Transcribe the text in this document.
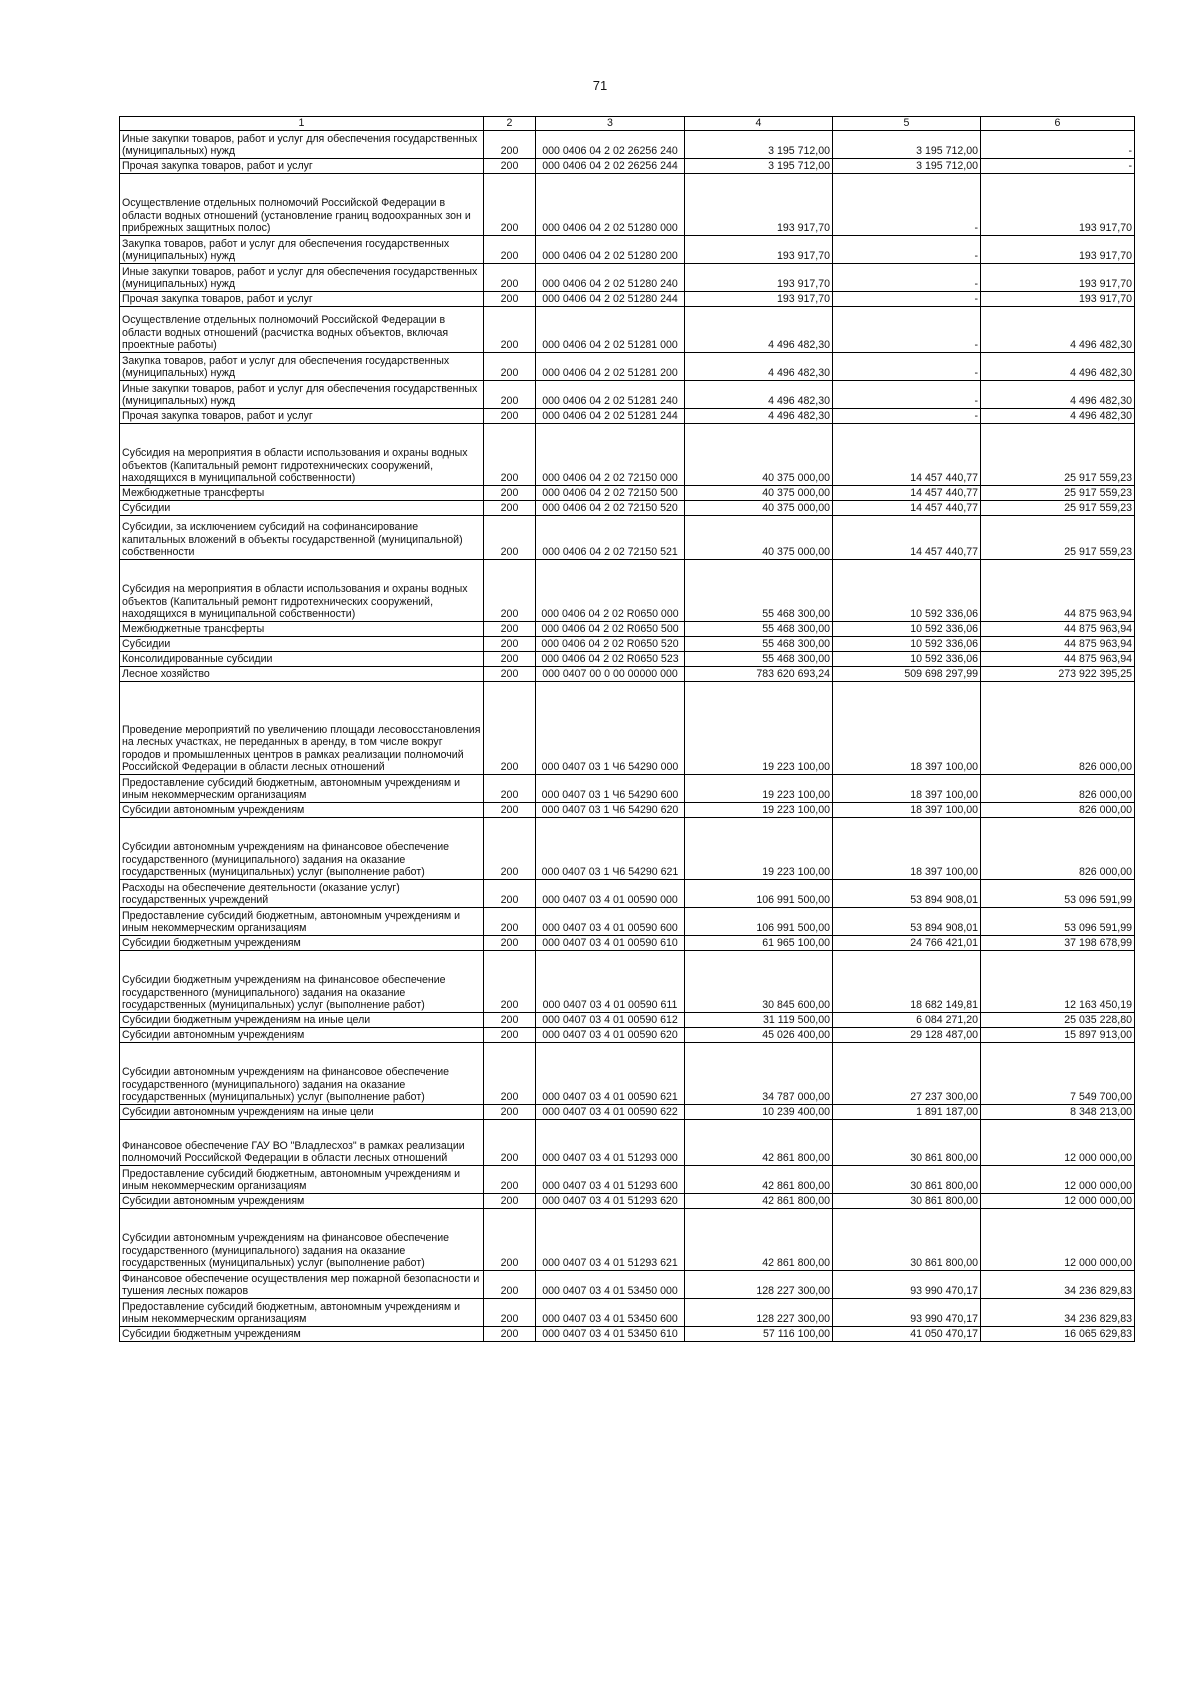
71
1	2	3	4	5	6
Иные закупки товаров, работ и услуг для обеспечения государственных (муниципальных) нужд	200	000 0406 04 2 02 26256 240	3 195 712,00	3 195 712,00	-
Прочая закупка товаров, работ и услуг	200	000 0406 04 2 02 26256 244	3 195 712,00	3 195 712,00	-
Осуществление отдельных полномочий Российской Федерации в области водных отношений (установление границ водоохранных зон и прибрежных защитных полос)	200	000 0406 04 2 02 51280 000	193 917,70	-	193 917,70
Закупка товаров, работ и услуг для обеспечения государственных (муниципальных) нужд	200	000 0406 04 2 02 51280 200	193 917,70	-	193 917,70
Иные закупки товаров, работ и услуг для обеспечения государственных (муниципальных) нужд	200	000 0406 04 2 02 51280 240	193 917,70	-	193 917,70
Прочая закупка товаров, работ и услуг	200	000 0406 04 2 02 51280 244	193 917,70	-	193 917,70
Осуществление отдельных полномочий Российской Федерации в области водных отношений (расчистка водных объектов, включая проектные работы)	200	000 0406 04 2 02 51281 000	4 496 482,30	-	4 496 482,30
Закупка товаров, работ и услуг для обеспечения государственных (муниципальных) нужд	200	000 0406 04 2 02 51281 200	4 496 482,30	-	4 496 482,30
Иные закупки товаров, работ и услуг для обеспечения государственных (муниципальных) нужд	200	000 0406 04 2 02 51281 240	4 496 482,30	-	4 496 482,30
Прочая закупка товаров, работ и услуг	200	000 0406 04 2 02 51281 244	4 496 482,30	-	4 496 482,30
Субсидия на мероприятия в области использования и охраны водных объектов (Капитальный ремонт гидротехнических сооружений, находящихся в муниципальной собственности)	200	000 0406 04 2 02 72150 000	40 375 000,00	14 457 440,77	25 917 559,23
Межбюджетные трансферты	200	000 0406 04 2 02 72150 500	40 375 000,00	14 457 440,77	25 917 559,23
Субсидии	200	000 0406 04 2 02 72150 520	40 375 000,00	14 457 440,77	25 917 559,23
Субсидии, за исключением субсидий на софинансирование капитальных вложений в объекты государственной (муниципальной) собственности	200	000 0406 04 2 02 72150 521	40 375 000,00	14 457 440,77	25 917 559,23
Субсидия на мероприятия в области использования и охраны водных объектов (Капитальный ремонт гидротехнических сооружений, находящихся в муниципальной собственности)	200	000 0406 04 2 02 R0650 000	55 468 300,00	10 592 336,06	44 875 963,94
Межбюджетные трансферты	200	000 0406 04 2 02 R0650 500	55 468 300,00	10 592 336,06	44 875 963,94
Субсидии	200	000 0406 04 2 02 R0650 520	55 468 300,00	10 592 336,06	44 875 963,94
Консолидированные субсидии	200	000 0406 04 2 02 R0650 523	55 468 300,00	10 592 336,06	44 875 963,94
Лесное хозяйство	200	000 0407 00 0 00 00000 000	783 620 693,24	509 698 297,99	273 922 395,25
Проведение мероприятий по увеличению площади лесовосстановления на лесных участках, не переданных в аренду, в том числе вокруг городов и промышленных центров в рамках реализации полномочий Российской Федерации в области лесных отношений	200	000 0407 03 1 Ч6 54290 000	19 223 100,00	18 397 100,00	826 000,00
Предоставление субсидий бюджетным, автономным учреждениям и иным некоммерческим организациям	200	000 0407 03 1 Ч6 54290 600	19 223 100,00	18 397 100,00	826 000,00
Субсидии автономным учреждениям	200	000 0407 03 1 Ч6 54290 620	19 223 100,00	18 397 100,00	826 000,00
Субсидии автономным учреждениям на финансовое обеспечение государственного (муниципального) задания на оказание государственных (муниципальных) услуг (выполнение работ)	200	000 0407 03 1 Ч6 54290 621	19 223 100,00	18 397 100,00	826 000,00
Расходы на обеспечение деятельности (оказание услуг) государственных учреждений	200	000 0407 03 4 01 00590 000	106 991 500,00	53 894 908,01	53 096 591,99
Предоставление субсидий бюджетным, автономным учреждениям и иным некоммерческим организациям	200	000 0407 03 4 01 00590 600	106 991 500,00	53 894 908,01	53 096 591,99
Субсидии бюджетным учреждениям	200	000 0407 03 4 01 00590 610	61 965 100,00	24 766 421,01	37 198 678,99
Субсидии бюджетным учреждениям на финансовое обеспечение государственного (муниципального) задания на оказание государственных (муниципальных) услуг (выполнение работ)	200	000 0407 03 4 01 00590 611	30 845 600,00	18 682 149,81	12 163 450,19
Субсидии бюджетным учреждениям на иные цели	200	000 0407 03 4 01 00590 612	31 119 500,00	6 084 271,20	25 035 228,80
Субсидии автономным учреждениям	200	000 0407 03 4 01 00590 620	45 026 400,00	29 128 487,00	15 897 913,00
Субсидии автономным учреждениям на финансовое обеспечение государственного (муниципального) задания на оказание государственных (муниципальных) услуг (выполнение работ)	200	000 0407 03 4 01 00590 621	34 787 000,00	27 237 300,00	7 549 700,00
Субсидии автономным учреждениям на иные цели	200	000 0407 03 4 01 00590 622	10 239 400,00	1 891 187,00	8 348 213,00
Финансовое обеспечение ГАУ ВО "Владлесхоз" в рамках реализации полномочий Российской Федерации в области лесных отношений	200	000 0407 03 4 01 51293 000	42 861 800,00	30 861 800,00	12 000 000,00
Предоставление субсидий бюджетным, автономным учреждениям и иным некоммерческим организациям	200	000 0407 03 4 01 51293 600	42 861 800,00	30 861 800,00	12 000 000,00
Субсидии автономным учреждениям	200	000 0407 03 4 01 51293 620	42 861 800,00	30 861 800,00	12 000 000,00
Субсидии автономным учреждениям на финансовое обеспечение государственного (муниципального) задания на оказание государственных (муниципальных) услуг (выполнение работ)	200	000 0407 03 4 01 51293 621	42 861 800,00	30 861 800,00	12 000 000,00
Финансовое обеспечение осуществления мер пожарной безопасности и тушения лесных пожаров	200	000 0407 03 4 01 53450 000	128 227 300,00	93 990 470,17	34 236 829,83
Предоставление субсидий бюджетным, автономным учреждениям и иным некоммерческим организациям	200	000 0407 03 4 01 53450 600	128 227 300,00	93 990 470,17	34 236 829,83
Субсидии бюджетным учреждениям	200	000 0407 03 4 01 53450 610	57 116 100,00	41 050 470,17	16 065 629,83
